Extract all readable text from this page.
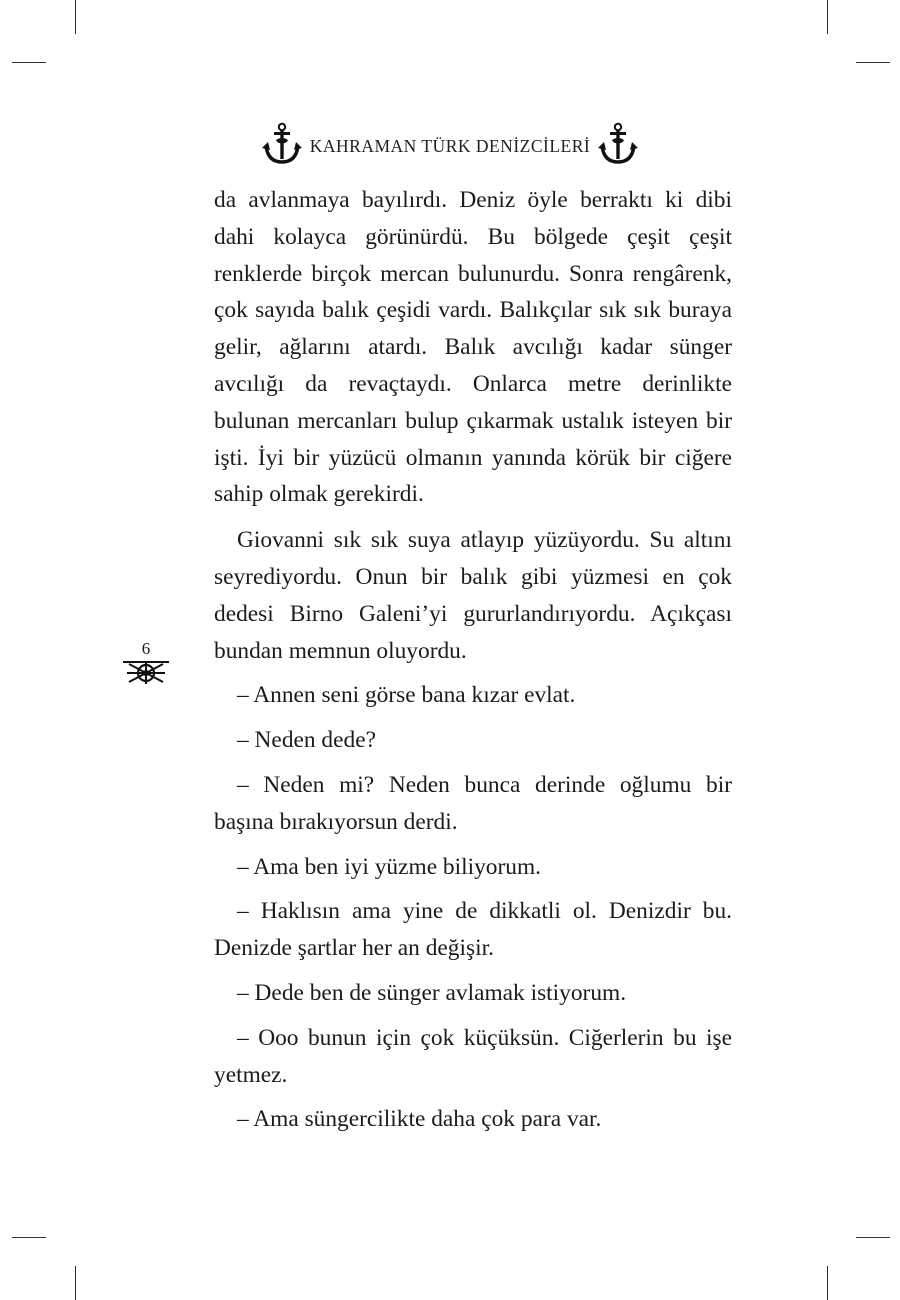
KAHRAMAN TÜRK DENİZCİLERİ
6

da avlanmaya bayılırdı. Deniz öyle berraktı ki dibi dahi kolayca görünürdü. Bu bölgede çeşit çeşit renklerde birçok mercan bulunurdu. Sonra rengârenk, çok sayıda balık çeşidi vardı. Balıkçılar sık sık buraya gelir, ağlarını atardı. Balık avcılığı kadar sünger avcılığı da revaçtaydı. Onlarca metre derinlikte bulunan mercanları bulup çıkarmak ustalık isteyen bir işti. İyi bir yüzücü olmanın yanında körük bir ciğere sahip olmak gerekirdi.

Giovanni sık sık suya atlayıp yüzüyordu. Su altını seyrediyordu. Onun bir balık gibi yüzmesi en çok dedesi Birno Galeni’yi gururlandırıyordu. Açıkçası bundan memnun oluyordu.

– Annen seni görse bana kızar evlat.

– Neden dede?

– Neden mi? Neden bunca derinde oğlumu bir başına bırakıyorsun derdi.

– Ama ben iyi yüzme biliyorum.

– Haklısın ama yine de dikkatli ol. Denizdir bu. Denizde şartlar her an değişir.

– Dede ben de sünger avlamak istiyorum.

– Ooo bunun için çok küçüksün. Ciğerlerin bu işe yetmez.

– Ama süngercilikte daha çok para var.
